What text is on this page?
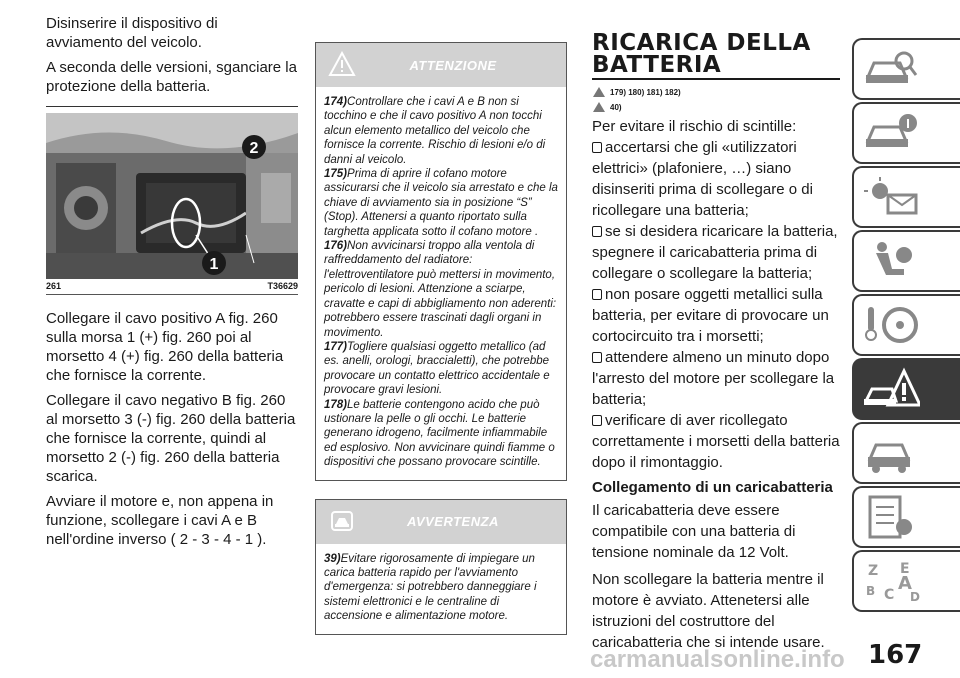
Disinserire il dispositivo di avviamento del veicolo.

A seconda delle versioni, sganciare la protezione della batteria.

1
2
261	T36629

Collegare il cavo positivo A fig. 260 sulla morsa 1 (+) fig. 260 poi al morsetto 4 (+) fig. 260 della batteria che fornisce la corrente.

Collegare il cavo negativo B fig. 260 al morsetto 3 (-) fig. 260 della batteria che fornisce la corrente, quindi al morsetto 2 (-) fig. 260 della batteria scarica.

Avviare il motore e, non appena in funzione, scollegare i cavi A e B nell'ordine inverso ( 2 - 3 - 4 - 1 ).

ATTENZIONE
174)Controllare che i cavi A e B non si tocchino e che il cavo positivo A non tocchi alcun elemento metallico del veicolo che fornisce la corrente. Rischio di lesioni e/o di danni al veicolo.
175)Prima di aprire il cofano motore assicurarsi che il veicolo sia arrestato e che la chiave di avviamento sia in posizione “S” (Stop). Attenersi a quanto riportato sulla targhetta applicata sotto il cofano motore .
176)Non avvicinarsi troppo alla ventola di raffreddamento del radiatore: l'elettroventilatore può mettersi in movimento, pericolo di lesioni. Attenzione a sciarpe, cravatte e capi di abbigliamento non aderenti: potrebbero essere trascinati dagli organi in movimento.
177)Togliere qualsiasi oggetto metallico (ad es. anelli, orologi, braccialetti), che potrebbe provocare un contatto elettrico accidentale e provocare gravi lesioni.
178)Le batterie contengono acido che può ustionare la pelle o gli occhi. Le batterie generano idrogeno, facilmente infiammabile ed esplosivo. Non avvicinare quindi fiamme o dispositivi che possano provocare scintille.
AVVERTENZA
39)Evitare rigorosamente di impiegare un carica batteria rapido per l'avviamento d'emergenza: si potrebbero danneggiare i sistemi elettronici e le centraline di accensione e alimentazione motore.
RICARICA DELLA
BATTERIA
179) 180) 181) 182)
40)

Per evitare il rischio di scintille:

accertarsi che gli «utilizzatori elettrici» (plafoniere, …) siano disinseriti prima di scollegare o di ricollegare una batteria;

se si desidera ricaricare la batteria, spegnere il caricabatteria prima di collegare o scollegare la batteria;

non posare oggetti metallici sulla batteria, per evitare di provocare un cortocircuito tra i morsetti;

attendere almeno un minuto dopo l'arresto del motore per scollegare la batteria;

verificare di aver ricollegato correttamente i morsetti della batteria dopo il rimontaggio.

Collegamento di un caricabatteria

Il caricabatteria deve essere compatibile con una batteria di tensione nominale da 12 Volt.

Non scollegare la batteria mentre il motore è avviato. Attenetersi alle istruzioni del costruttore del caricabatteria che si intende usare.

Z E
B C
A
D
167
carmanualsonline.info
